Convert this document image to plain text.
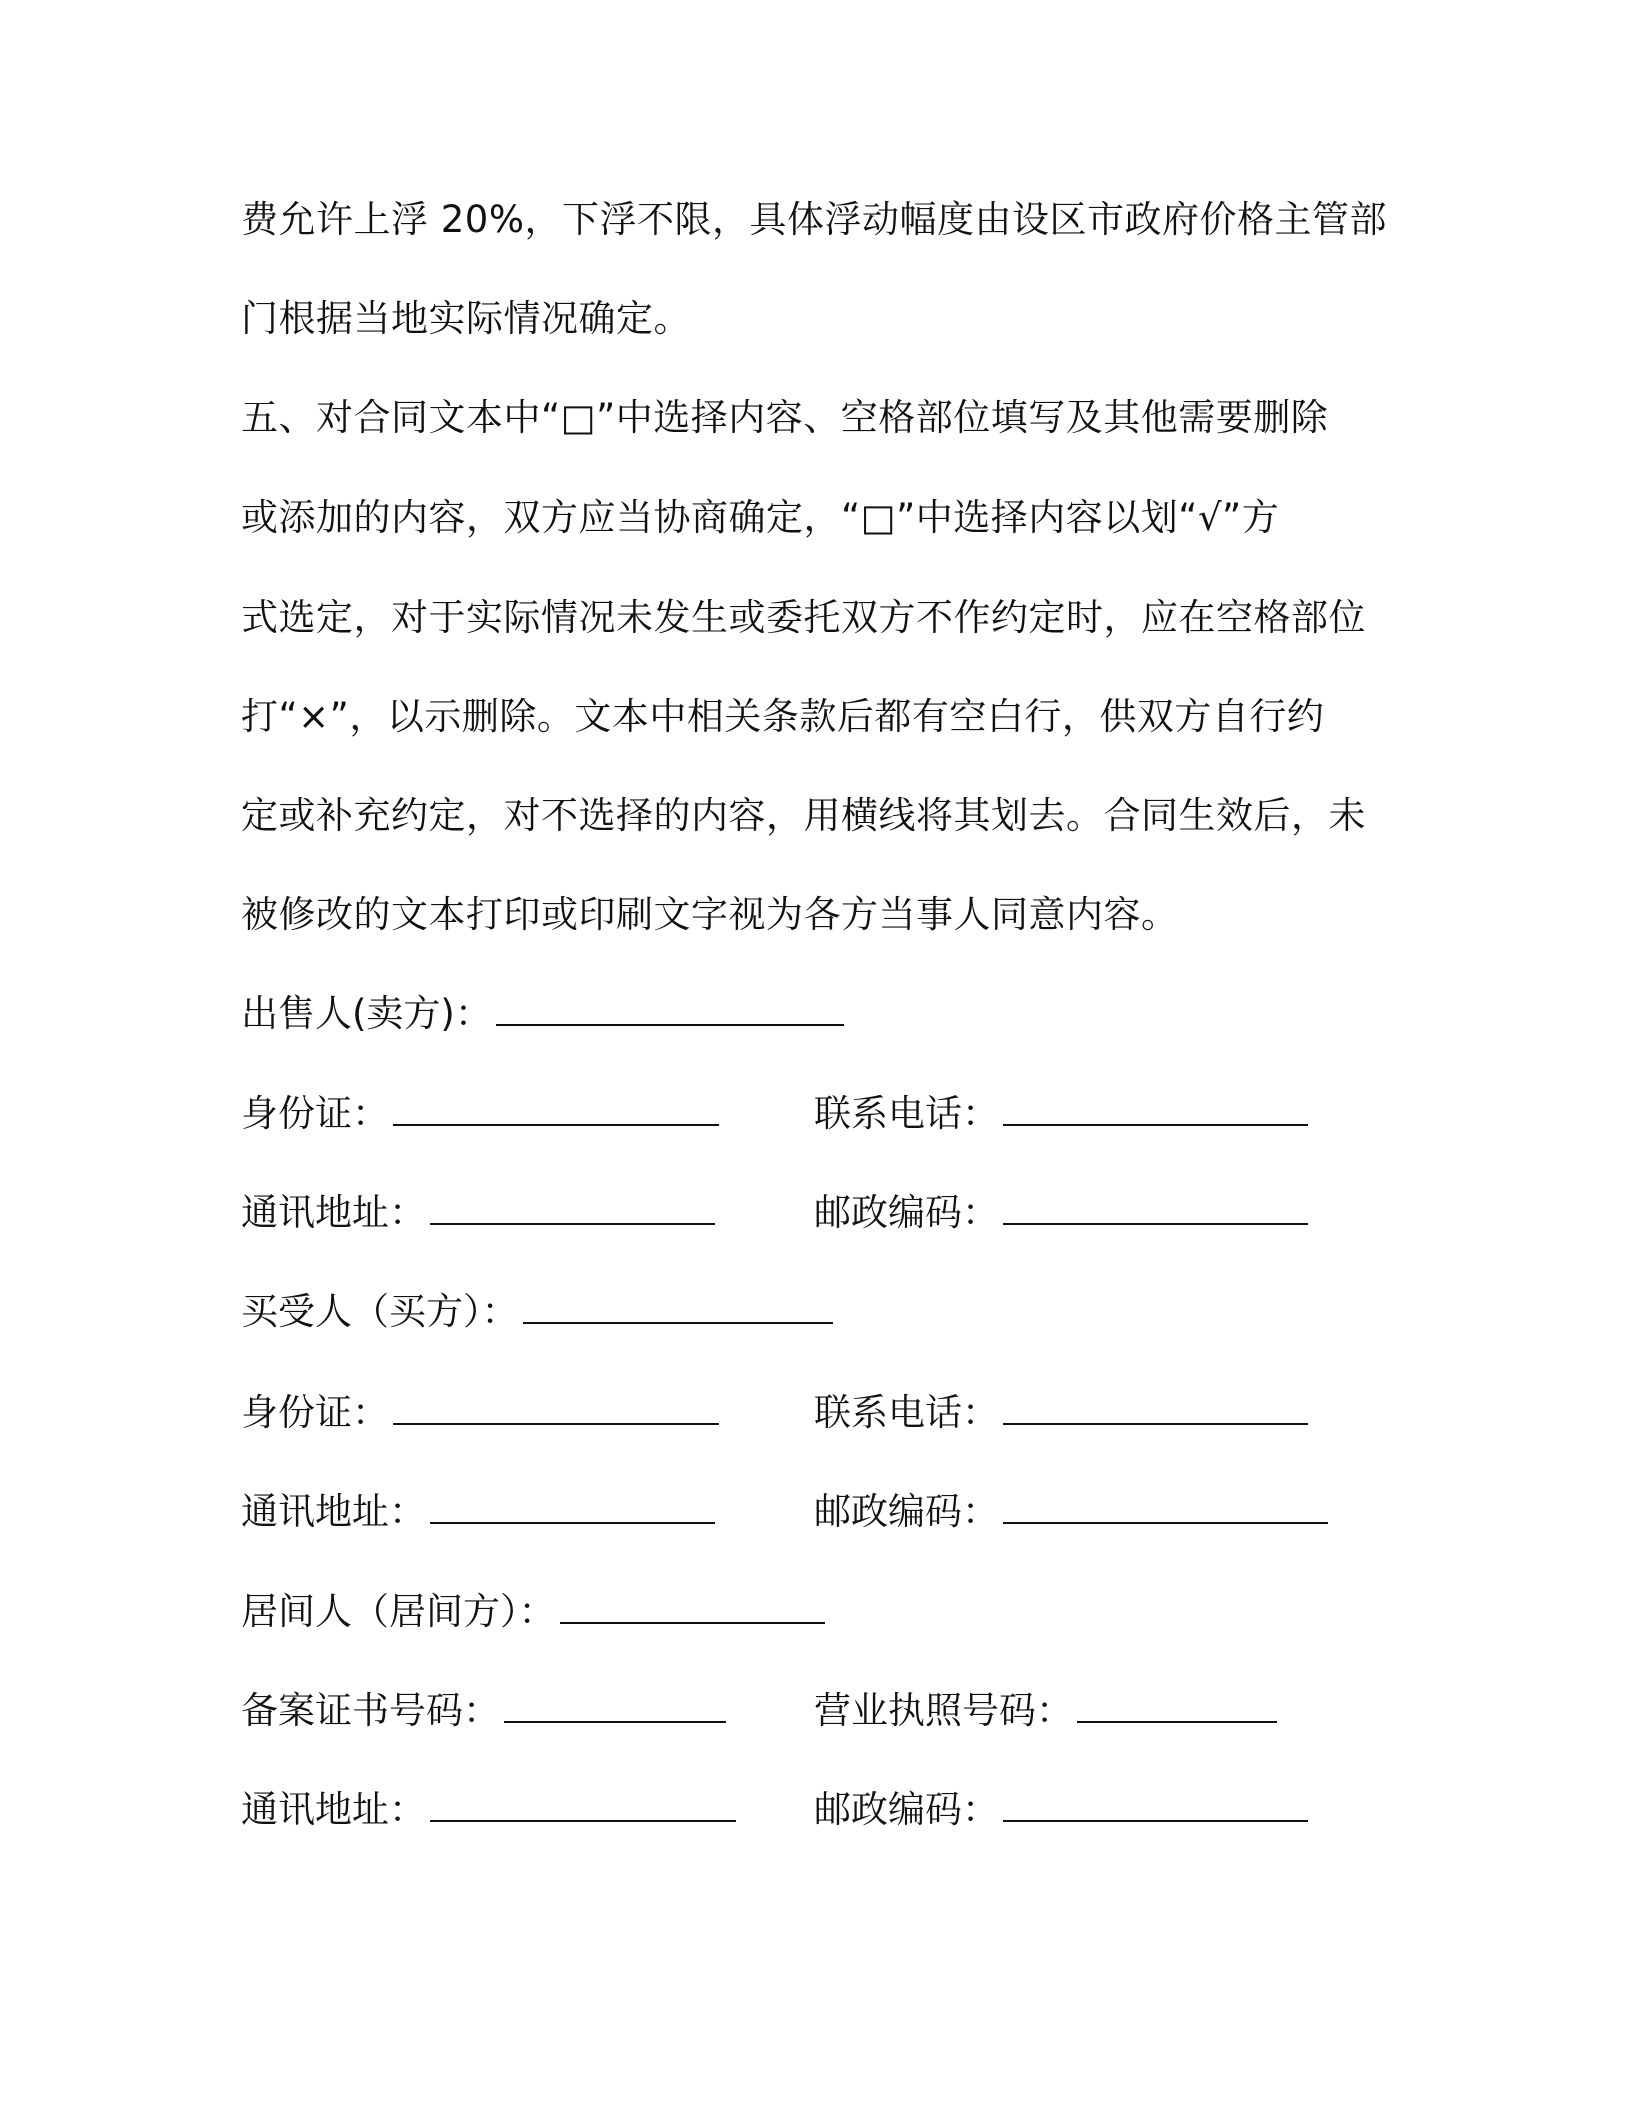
费允许上浮 20%，下浮不限，具体浮动幅度由设区市政府价格主管部
门根据当地实际情况确定。
五、对合同文本中“□”中选择内容、空格部位填写及其他需要删除
或添加的内容，双方应当协商确定，“□”中选择内容以划“√”方
式选定，对于实际情况未发生或委托双方不作约定时，应在空格部位
打“×”，以示删除。文本中相关条款后都有空白行，供双方自行约
定或补充约定，对不选择的内容，用横线将其划去。合同生效后，未
被修改的文本打印或印刷文字视为各方当事人同意内容。
出售人(卖方)：
身份证：	联系电话：
通讯地址：	邮政编码：
买受人（买方）：
身份证：	联系电话：
通讯地址：	邮政编码：
居间人（居间方）：
备案证书号码：	营业执照号码：
通讯地址：	邮政编码：
